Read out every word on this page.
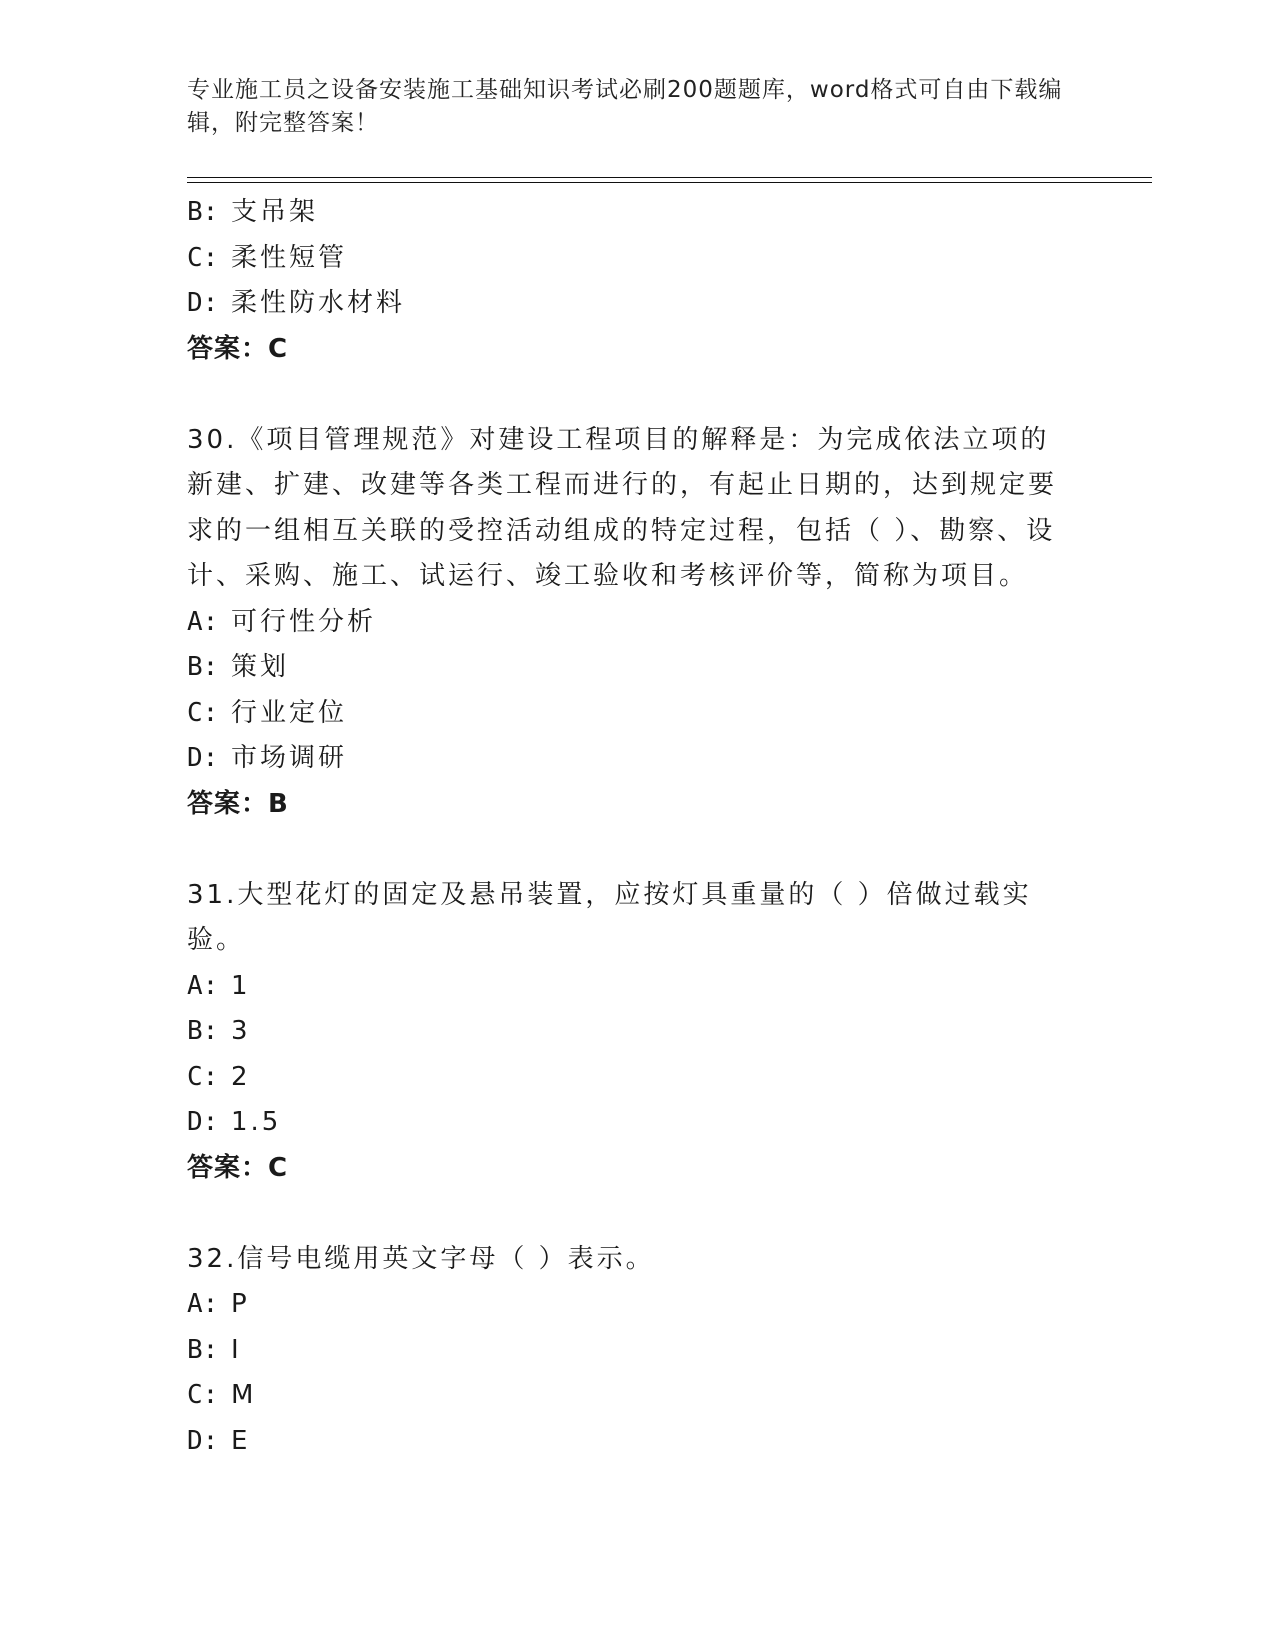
专业施工员之设备安装施工基础知识考试必刷200题题库，word格式可自由下载编辑，附完整答案！
B: 支吊架
C: 柔性短管
D: 柔性防水材料
答案：C
30.《项目管理规范》对建设工程项目的解释是：为完成依法立项的新建、扩建、改建等各类工程而进行的，有起止日期的，达到规定要求的一组相互关联的受控活动组成的特定过程，包括（ ）、勘察、设计、采购、施工、试运行、竣工验收和考核评价等，简称为项目。
A: 可行性分析
B: 策划
C: 行业定位
D: 市场调研
答案：B
31.大型花灯的固定及悬吊装置，应按灯具重量的（ ）倍做过载实验。
A: 1
B: 3
C: 2
D: 1.5
答案：C
32.信号电缆用英文字母（ ）表示。
A: P
B: I
C: M
D: E
